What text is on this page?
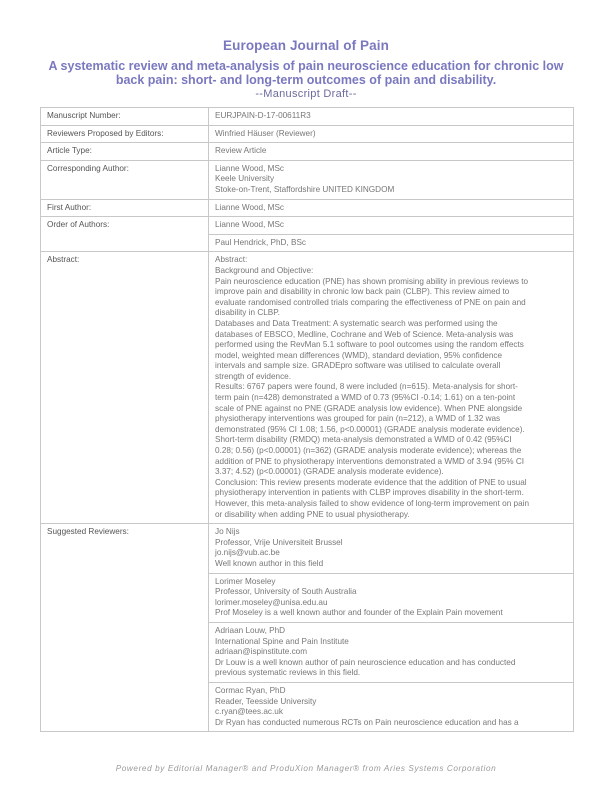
European Journal of Pain
A systematic review and meta-analysis of pain neuroscience education for chronic low
back pain: short- and long-term outcomes of pain and disability.
--Manuscript Draft--
Manuscript Number:	EURJPAIN-D-17-00611R3
Reviewers Proposed by Editors:	Winfried Häuser (Reviewer)
Article Type:	Review Article
Corresponding Author:	Lianne Wood, MSc
Keele University
Stoke-on-Trent, Staffordshire UNITED KINGDOM
First Author:	Lianne Wood, MSc
Order of Authors:	Lianne Wood, MSc
Paul Hendrick, PhD, BSc
Abstract:	Abstract:
Background and Objective:
Pain neuroscience education (PNE) has shown promising ability in previous reviews to
improve pain and disability in chronic low back pain (CLBP). This review aimed to
evaluate randomised controlled trials comparing the effectiveness of PNE on pain and
disability in CLBP.
Databases and Data Treatment: A systematic search was performed using the
databases of EBSCO, Medline, Cochrane and Web of Science. Meta-analysis was
performed using the RevMan 5.1 software to pool outcomes using the random effects
model, weighted mean differences (WMD), standard deviation, 95% confidence
intervals and sample size. GRADEpro software was utilised to calculate overall
strength of evidence.
Results: 6767 papers were found, 8 were included (n=615). Meta-analysis for short-
term pain (n=428) demonstrated a WMD of 0.73 (95%CI -0.14; 1.61) on a ten-point
scale of PNE against no PNE (GRADE analysis low evidence). When PNE alongside
physiotherapy interventions was grouped for pain (n=212), a WMD of 1.32 was
demonstrated (95% CI 1.08; 1.56, p<0.00001) (GRADE analysis moderate evidence).
Short-term disability (RMDQ) meta-analysis demonstrated a WMD of 0.42 (95%CI
0.28; 0.56) (p<0.00001) (n=362) (GRADE analysis moderate evidence); whereas the
addition of PNE to physiotherapy interventions demonstrated a WMD of 3.94 (95% CI
3.37; 4.52) (p<0.00001) (GRADE analysis moderate evidence).
Conclusion: This review presents moderate evidence that the addition of PNE to usual
physiotherapy intervention in patients with CLBP improves disability in the short-term.
However, this meta-analysis failed to show evidence of long-term improvement on pain
or disability when adding PNE to usual physiotherapy.
Suggested Reviewers:	Jo Nijs
Professor, Vrije Universiteit Brussel
jo.nijs@vub.ac.be
Well known author in this field
Lorimer Moseley
Professor, University of South Australia
lorimer.moseley@unisa.edu.au
Prof Moseley is a well known author and founder of the Explain Pain movement
Adriaan Louw, PhD
International Spine and Pain Institute
adriaan@ispinstitute.com
Dr Louw is a well known author of pain neuroscience education and has conducted
previous systematic reviews in this field.
Cormac Ryan, PhD
Reader, Teesside University
c.ryan@tees.ac.uk
Dr Ryan has conducted numerous RCTs on Pain neuroscience education and has a
Powered by Editorial Manager® and ProduXion Manager® from Aries Systems Corporation
